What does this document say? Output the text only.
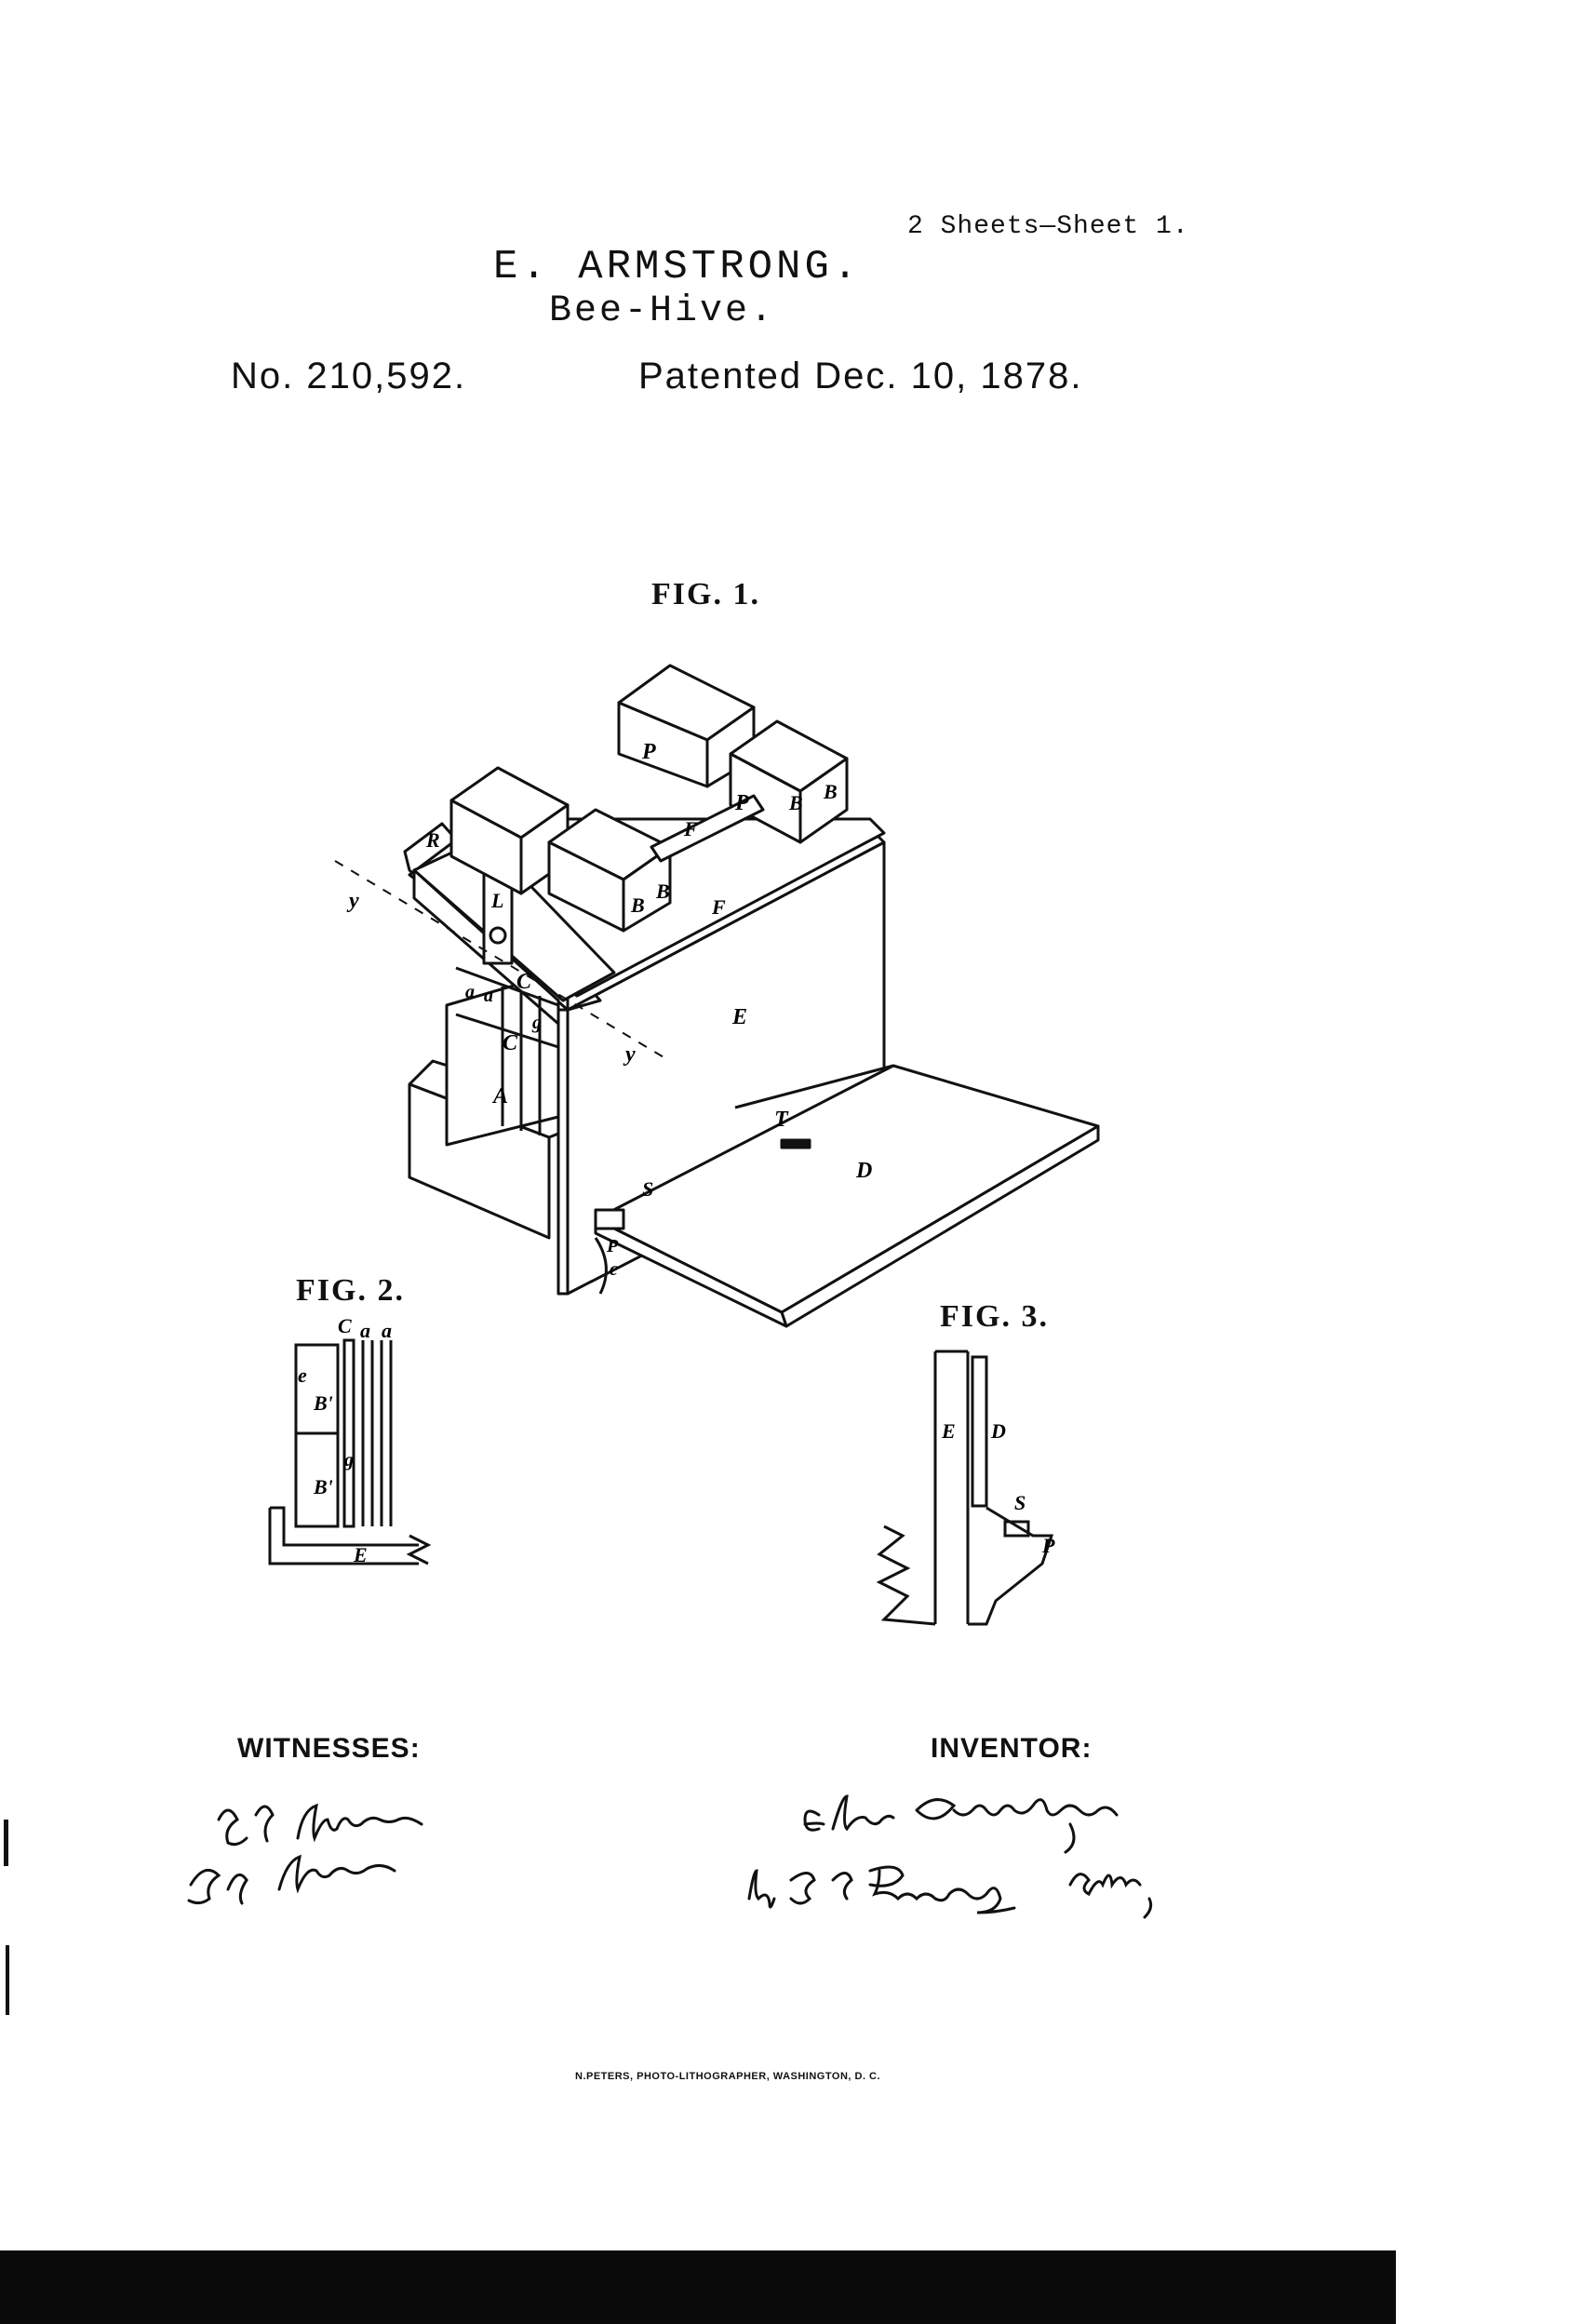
2 Sheets—Sheet 1.
E. ARMSTRONG.
Bee-Hive.
No. 210,592.	Patented Dec. 10, 1878.
FIG. 1.
FIG. 2.
FIG. 3.
P
P B B
F
F
R
L	B
B
y
C
a a
g
C	y
E
A
T
D
S
P
c
C a a
e
B'
g
B'
E
E D
S
P
WITNESSES:	INVENTOR:
N.PETERS, PHOTO-LITHOGRAPHER, WASHINGTON, D. C.
